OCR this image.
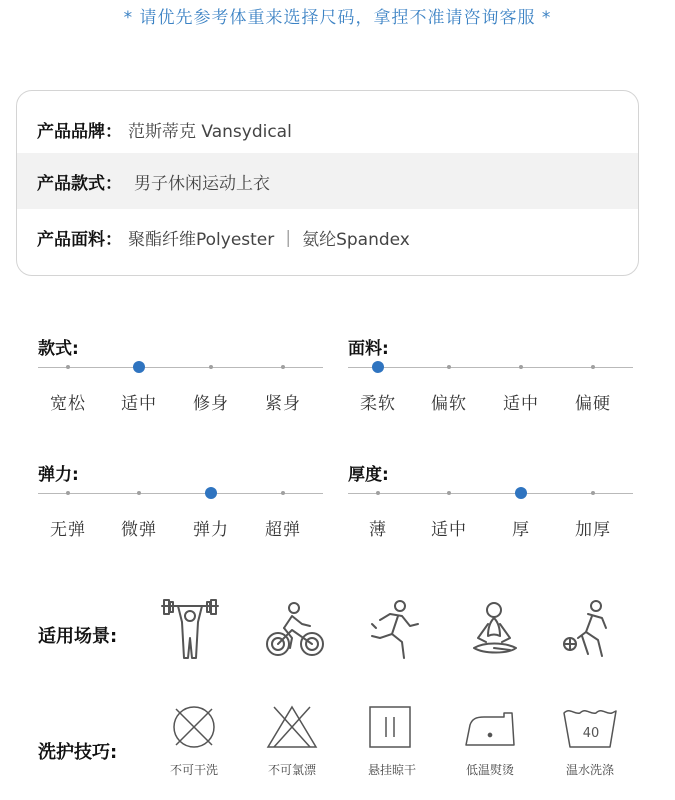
* 请优先参考体重来选择尺码，拿捏不准请咨询客服 *
产品品牌： 范斯蒂克 Vansydical
产品款式： 男子休闲运动上衣
产品面料： 聚酯纤维Polyester ｜ 氨纶Spandex
款式:
宽松	适中	修身	紧身
面料:
柔软	偏软	适中	偏硬
弹力:
无弹	微弹	弹力	超弹
厚度:
薄	适中	厚	加厚
适用场景:
洗护技巧:
不可干洗	不可氯漂	悬挂晾干	低温熨烫
40
温水洗涤
